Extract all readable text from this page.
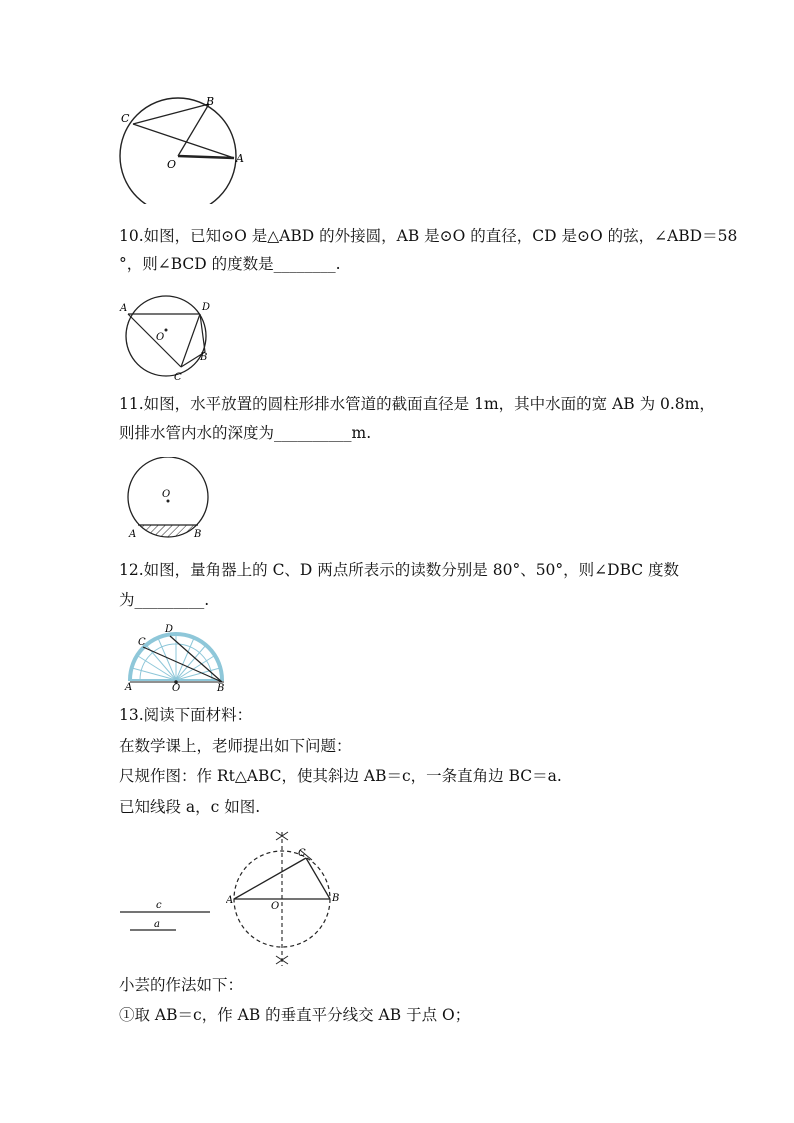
C
B
A
O
10.如图，已知⊙O 是△ABD 的外接圆，AB 是⊙O 的直径，CD 是⊙O 的弦，∠ABD＝58
°，则∠BCD 的度数是________.
A	D
O
B
C
11.如图，水平放置的圆柱形排水管道的截面直径是 1m，其中水面的宽 AB 为 0.8m，
则排水管内水的深度为__________m.
O
A	B
12.如图，量角器上的 C、D 两点所表示的读数分别是 80°、50°，则∠DBC 度数
为_________.
C
D
A	O	B
13.阅读下面材料：
在数学课上，老师提出如下问题：
尺规作图：作 Rt△ABC，使其斜边 AB＝c，一条直角边 BC＝a.
已知线段 a，c 如图.
c
a
A	B
C
O
小芸的作法如下：
①取 AB＝c，作 AB 的垂直平分线交 AB 于点 O；
